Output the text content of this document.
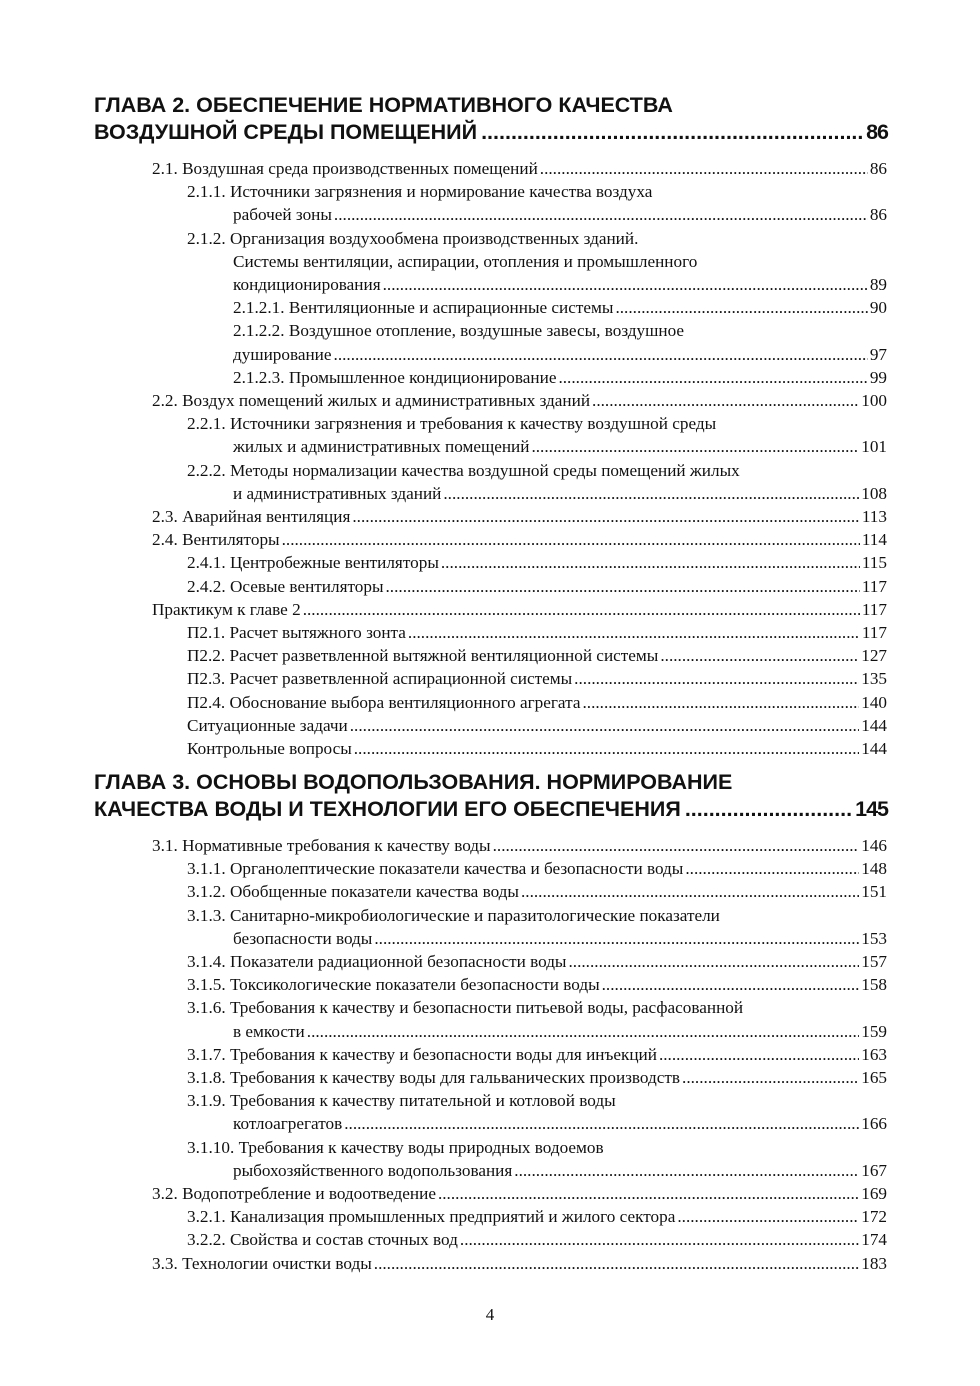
ГЛАВА 2. ОБЕСПЕЧЕНИЕ НОРМАТИВНОГО КАЧЕСТВА
ВОЗДУШНОЙ СРЕДЫ ПОМЕЩЕНИЙ .....	86
2.1. Воздушная среда производственных помещений .....	86
2.1.1. Источники загрязнения и нормирование качества воздуха
рабочей зоны .....	86
2.1.2. Организация воздухообмена производственных зданий.
Системы вентиляции, аспирации, отопления и промышленного
кондиционирования .....	89
2.1.2.1. Вентиляционные и аспирационные системы .....	90
2.1.2.2. Воздушное отопление, воздушные завесы, воздушное
душирование .....	97
2.1.2.3. Промышленное кондиционирование .....	99
2.2. Воздух помещений жилых и административных зданий .....	100
2.2.1. Источники загрязнения и требования к качеству воздушной среды
жилых и административных помещений .....	101
2.2.2. Методы нормализации качества воздушной среды помещений жилых
и административных зданий .....	108
2.3. Аварийная вентиляция .....	113
2.4. Вентиляторы .....	114
2.4.1. Центробежные вентиляторы .....	115
2.4.2. Осевые вентиляторы .....	117
Практикум к главе 2 .....	117
П2.1. Расчет вытяжного зонта .....	117
П2.2. Расчет разветвленной вытяжной вентиляционной системы .....	127
П2.3. Расчет разветвленной аспирационной системы .....	135
П2.4. Обоснование выбора вентиляционного агрегата .....	140
Ситуационные задачи .....	144
Контрольные вопросы .....	144
ГЛАВА 3. ОСНОВЫ ВОДОПОЛЬЗОВАНИЯ. НОРМИРОВАНИЕ
КАЧЕСТВА ВОДЫ И ТЕХНОЛОГИИ ЕГО ОБЕСПЕЧЕНИЯ .....	145
3.1. Нормативные требования к качеству воды .....	146
3.1.1. Органолептические показатели качества и безопасности воды .....	148
3.1.2. Обобщенные показатели качества воды .....	151
3.1.3. Санитарно-микробиологические и паразитологические показатели
безопасности воды .....	153
3.1.4. Показатели радиационной безопасности воды .....	157
3.1.5. Токсикологические показатели безопасности воды .....	158
3.1.6. Требования к качеству и безопасности питьевой воды, расфасованной
в емкости .....	159
3.1.7. Требования к качеству и безопасности воды для инъекций .....	163
3.1.8. Требования к качеству воды для гальванических производств .....	165
3.1.9. Требования к качеству питательной и котловой воды
котлоагрегатов .....	166
3.1.10. Требования к качеству воды природных водоемов
рыбохозяйственного водопользования .....	167
3.2. Водопотребление и водоотведение .....	169
3.2.1. Канализация промышленных предприятий и жилого сектора .....	172
3.2.2. Свойства и состав сточных вод .....	174
3.3. Технологии очистки воды .....	183
4
